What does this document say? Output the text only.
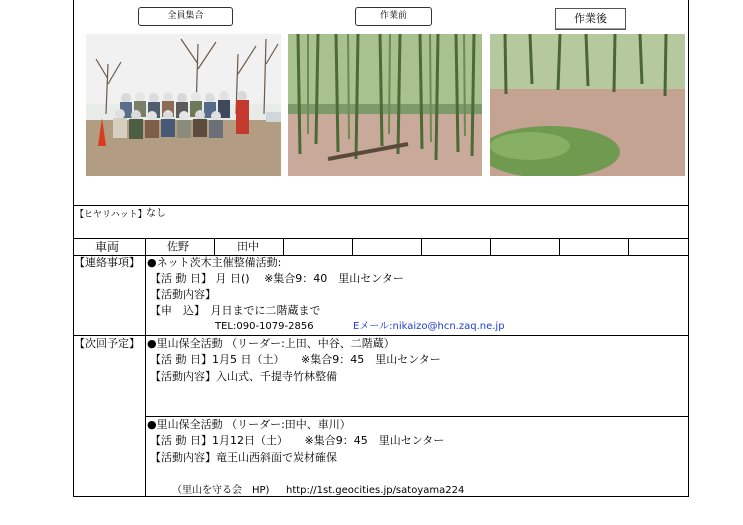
全員集合	作業前	作業後
【ヒヤリハット】 なし
車両	佐野	田中
【連絡事項】 ●ネット茨木主催整備活動:
【活 動 日】 月 日()　 ※集合9：40　里山センター
【活動内容】
【申　込】　月日までに二階蔵まで
TEL:090-1079-2856	Eメール:nikaizo@hcn.zaq.ne.jp
【次回予定】 ●里山保全活動 （リーダー:上田、中谷、二階蔵）
【活 動 日】1月5 日（土）　　※集合9：45　里山センター
【活動内容】入山式、千提寺竹林整備
●里山保全活動 （リーダー:田中、車川）
【活 動 日】1月12日（土）　　※集合9：45　里山センター
【活動内容】竜王山西斜面で炭材確保
（里山を守る会　HP) http://1st.geocities.jp/satoyama224
